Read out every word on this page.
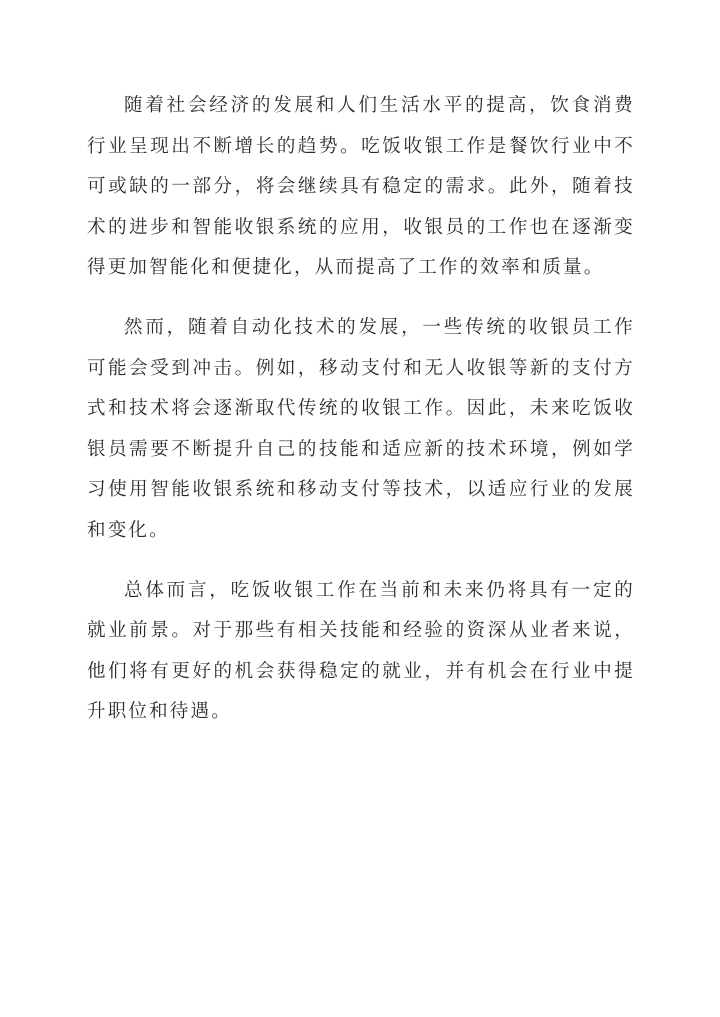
随着社会经济的发展和人们生活水平的提高，饮食消费行业呈现出不断增长的趋势。吃饭收银工作是餐饮行业中不可或缺的一部分，将会继续具有稳定的需求。此外，随着技术的进步和智能收银系统的应用，收银员的工作也在逐渐变得更加智能化和便捷化，从而提高了工作的效率和质量。

然而，随着自动化技术的发展，一些传统的收银员工作可能会受到冲击。例如，移动支付和无人收银等新的支付方式和技术将会逐渐取代传统的收银工作。因此，未来吃饭收银员需要不断提升自己的技能和适应新的技术环境，例如学习使用智能收银系统和移动支付等技术，以适应行业的发展和变化。

总体而言，吃饭收银工作在当前和未来仍将具有一定的就业前景。对于那些有相关技能和经验的资深从业者来说，他们将有更好的机会获得稳定的就业，并有机会在行业中提升职位和待遇。
